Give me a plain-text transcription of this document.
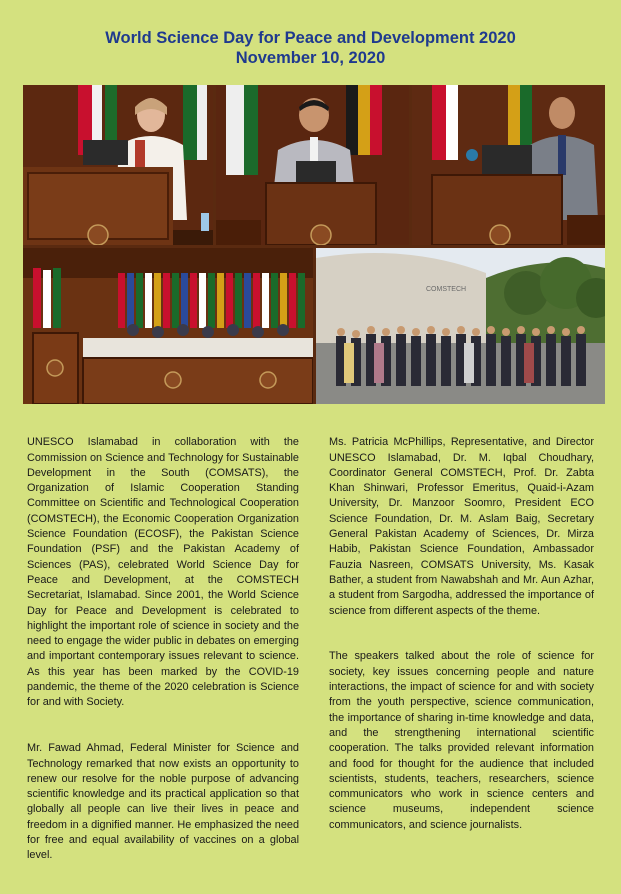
World Science Day for Peace and Development 2020
November 10, 2020
COMSTECH

UNESCO Islamabad in collaboration with the Commission on Science and Technology for Sustainable Development in the South (COMSATS), the Organization of Islamic Cooperation Standing Committee on Scientific and Technological Cooperation (COMSTECH), the Economic Cooperation Organization Science Foundation (ECOSF), the Pakistan Science Foundation (PSF) and the Pakistan Academy of Sciences (PAS), celebrated World Science Day for Peace and Development, at the COMSTECH Secretariat, Islamabad. Since 2001, the World Science Day for Peace and Development is celebrated to highlight the important role of science in society and the need to engage the wider public in debates on emerging and important contemporary issues relevant to science. As this year has been marked by the COVID-19 pandemic, the theme of the 2020 celebration is Science for and with Society.

Mr. Fawad Ahmad, Federal Minister for Science and Technology remarked that now exists an opportunity to renew our resolve for the noble purpose of advancing scientific knowledge and its practical application so that globally all people can live their lives in peace and freedom in a dignified manner. He emphasized the need for free and equal availability of vaccines on a global level.

Ms. Patricia McPhillips, Representative, and Director UNESCO Islamabad, Dr. M. Iqbal Choudhary, Coordinator General COMSTECH, Prof. Dr. Zabta Khan Shinwari, Professor Emeritus, Quaid-i-Azam University, Dr. Manzoor Soomro, President ECO Science Foundation, Dr. M. Aslam Baig, Secretary General Pakistan Academy of Sciences, Dr. Mirza Habib, Pakistan Science Foundation, Ambassador Fauzia Nasreen, COMSATS University, Ms. Kasak Bather, a student from Nawabshah and Mr. Aun Azhar, a student from Sargodha, addressed the importance of science from different aspects of the theme.

The speakers talked about the role of science for society, key issues concerning people and nature interactions, the impact of science for and with society from the youth perspective, science communication, the importance of sharing in-time knowledge and data, and the strengthening international scientific cooperation. The talks provided relevant information and food for thought for the audience that included scientists, students, teachers, researchers, science communicators who work in science centers and science museums, independent science communicators, and science journalists.
